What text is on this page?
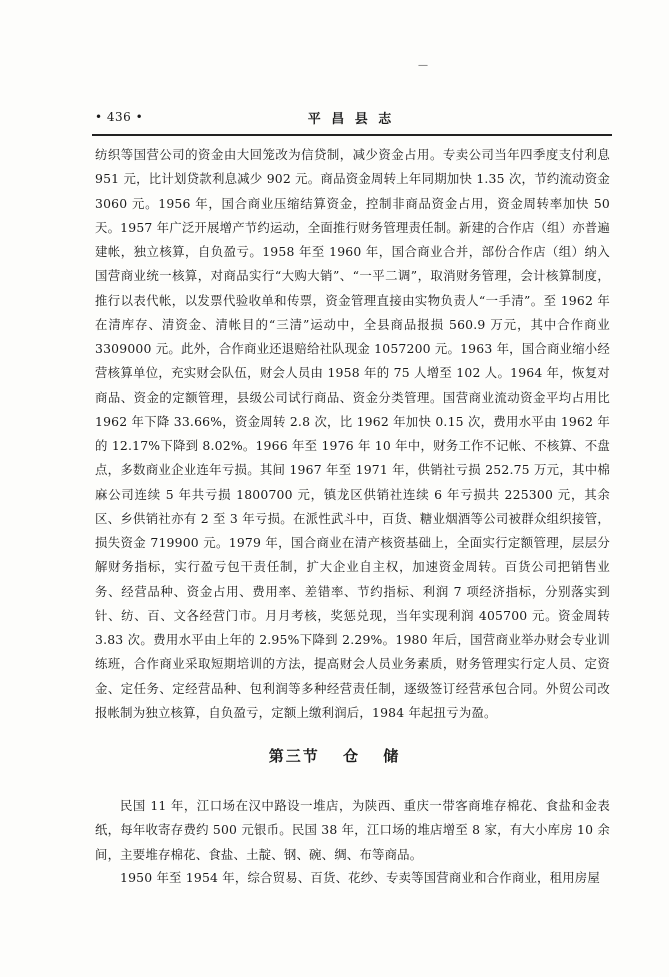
—
• 436 •	平 昌 县 志

纺织等国营公司的资金由大回笼改为信贷制，减少资金占用。专卖公司当年四季度支付利息 951 元，比计划贷款利息减少 902 元。商品资金周转上年同期加快 1.35 次，节约流动资金 3060 元。1956 年，国合商业压缩结算资金，控制非商品资金占用，资金周转率加快 50 天。1957 年广泛开展增产节约运动，全面推行财务管理责任制。新建的合作店（组）亦普遍建帐，独立核算，自负盈亏。1958 年至 1960 年，国合商业合并，部份合作店（组）纳入国营商业统一核算，对商品实行“大购大销”、“一平二调”，取消财务管理，会计核算制度，推行以表代帐，以发票代验收单和传票，资金管理直接由实物负责人“一手清”。至 1962 年在清库存、清资金、清帐目的“三清”运动中，全县商品报损 560.9 万元，其中合作商业 3309000 元。此外，合作商业还退赔给社队现金 1057200 元。1963 年，国合商业缩小经营核算单位，充实财会队伍，财会人员由 1958 年的 75 人增至 102 人。1964 年，恢复对商品、资金的定额管理，县级公司试行商品、资金分类管理。国营商业流动资金平均占用比 1962 年下降 33.66%，资金周转 2.8 次，比 1962 年加快 0.15 次，费用水平由 1962 年的 12.17%下降到 8.02%。1966 年至 1976 年 10 年中，财务工作不记帐、不核算、不盘点，多数商业企业连年亏损。其间 1967 年至 1971 年，供销社亏损 252.75 万元，其中棉麻公司连续 5 年共亏损 1800700 元，镇龙区供销社连续 6 年亏损共 225300 元，其余区、乡供销社亦有 2 至 3 年亏损。在派性武斗中，百货、糖业烟酒等公司被群众组织接管，损失资金 719900 元。1979 年，国合商业在清产核资基础上，全面实行定额管理，层层分解财务指标，实行盈亏包干责任制，扩大企业自主权，加速资金周转。百货公司把销售业务、经营品种、资金占用、费用率、差错率、节约指标、利润 7 项经济指标，分别落实到针、纺、百、文各经营门市。月月考核，奖惩兑现，当年实现利润 405700 元。资金周转 3.83 次。费用水平由上年的 2.95%下降到 2.29%。1980 年后，国营商业举办财会专业训练班，合作商业采取短期培训的方法，提高财会人员业务素质，财务管理实行定人员、定资金、定任务、定经营品种、包利润等多种经营责任制，逐级签订经营承包合同。外贸公司改报帐制为独立核算，自负盈亏，定额上缴利润后，1984 年起扭亏为盈。

第三节 仓 储

民国 11 年，江口场在汉中路设一堆店，为陕西、重庆一带客商堆存棉花、食盐和金表纸，每年收寄存费约 500 元银币。民国 38 年，江口场的堆店增至 8 家，有大小库房 10 余间，主要堆存棉花、食盐、土靛、钢、碗、绸、布等商品。

1950 年至 1954 年，综合贸易、百货、花纱、专卖等国营商业和合作商业，租用房屋
